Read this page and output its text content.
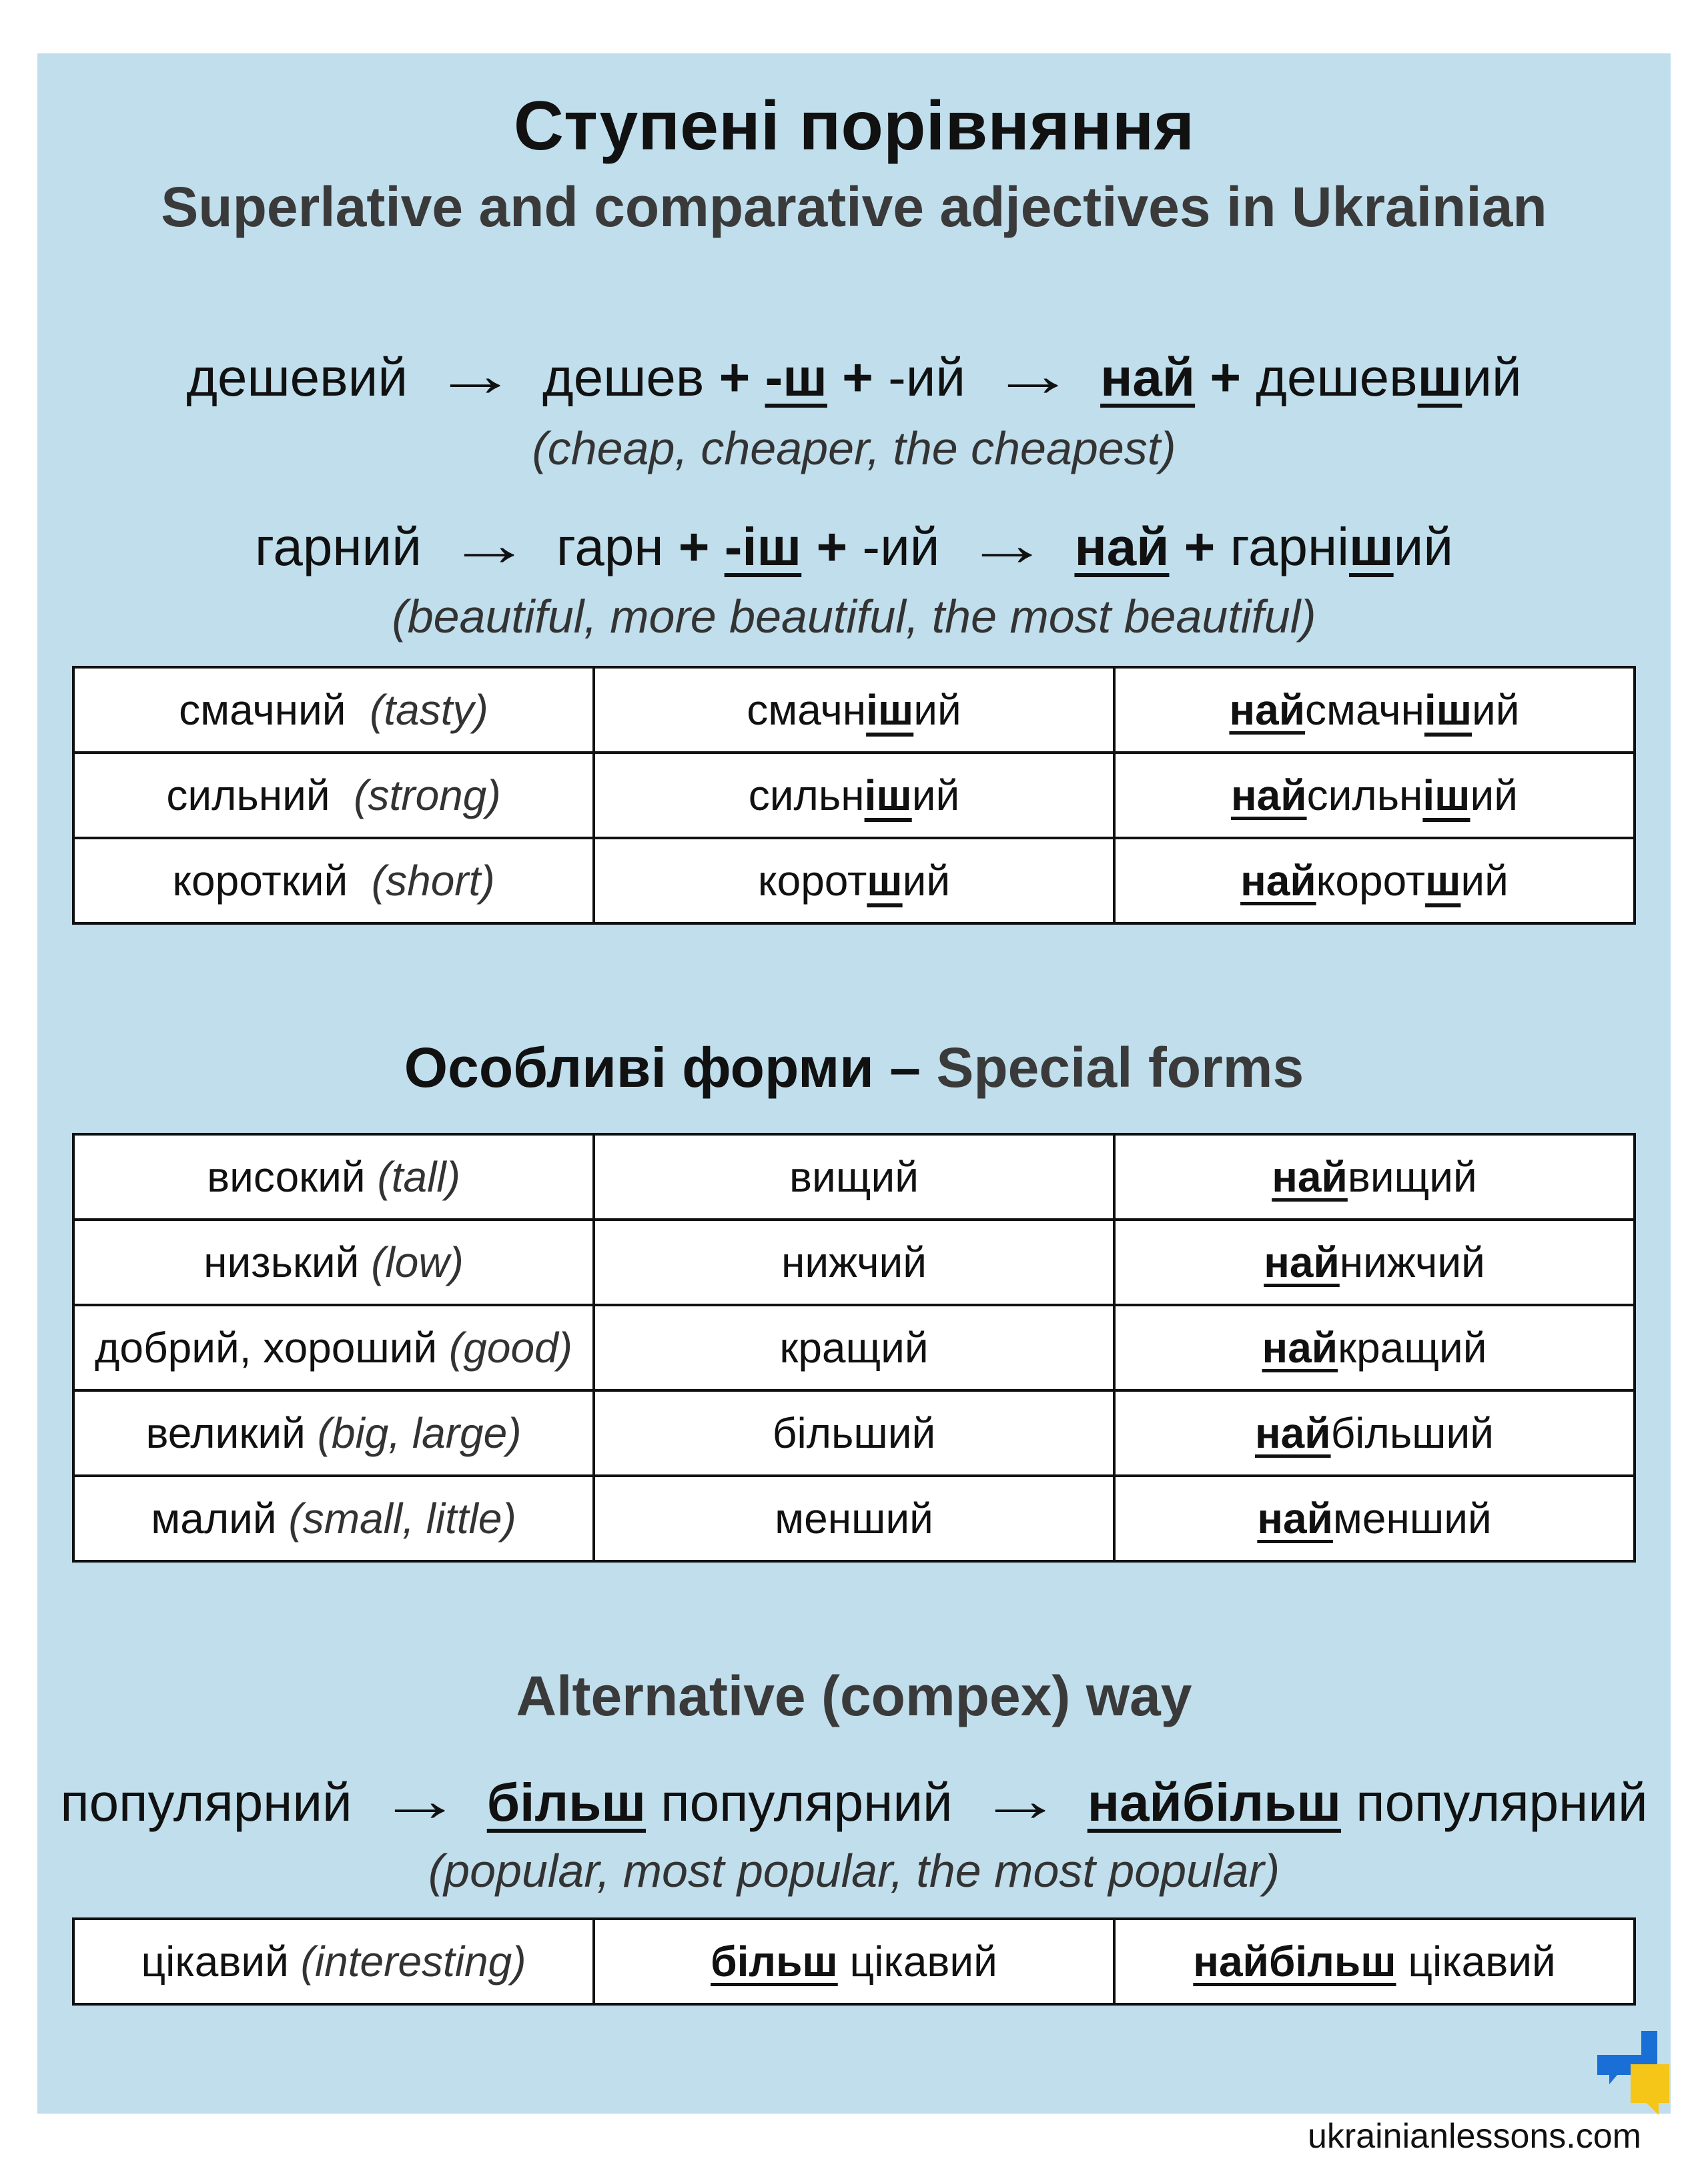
Ступені порівняння
Superlative and comparative adjectives in Ukrainian
дешевий → дешев + -ш + -ий → най + дешевший
(cheap, cheaper, the cheapest)
гарний → гарн + -іш + -ий → най + гарніший
(beautiful, more beautiful, the most beautiful)
смачний (tasty)	смачніший	найсмачніший
сильний (strong)	сильніший	найсильніший
короткий (short)	коротший	найкоротший
Особливі форми – Special forms
високий (tall)	вищий	найвищий
низький (low)	нижчий	найнижчий
добрий, хороший (good)	кращий	найкращий
великий (big, large)	більший	найбільший
малий (small, little)	менший	найменший
Alternative (compex) way
популярний → більш популярний → найбільш популярний
(popular, most popular, the most popular)
цікавий (interesting)	більш цікавий	найбільш цікавий
ukrainianlessons.com
